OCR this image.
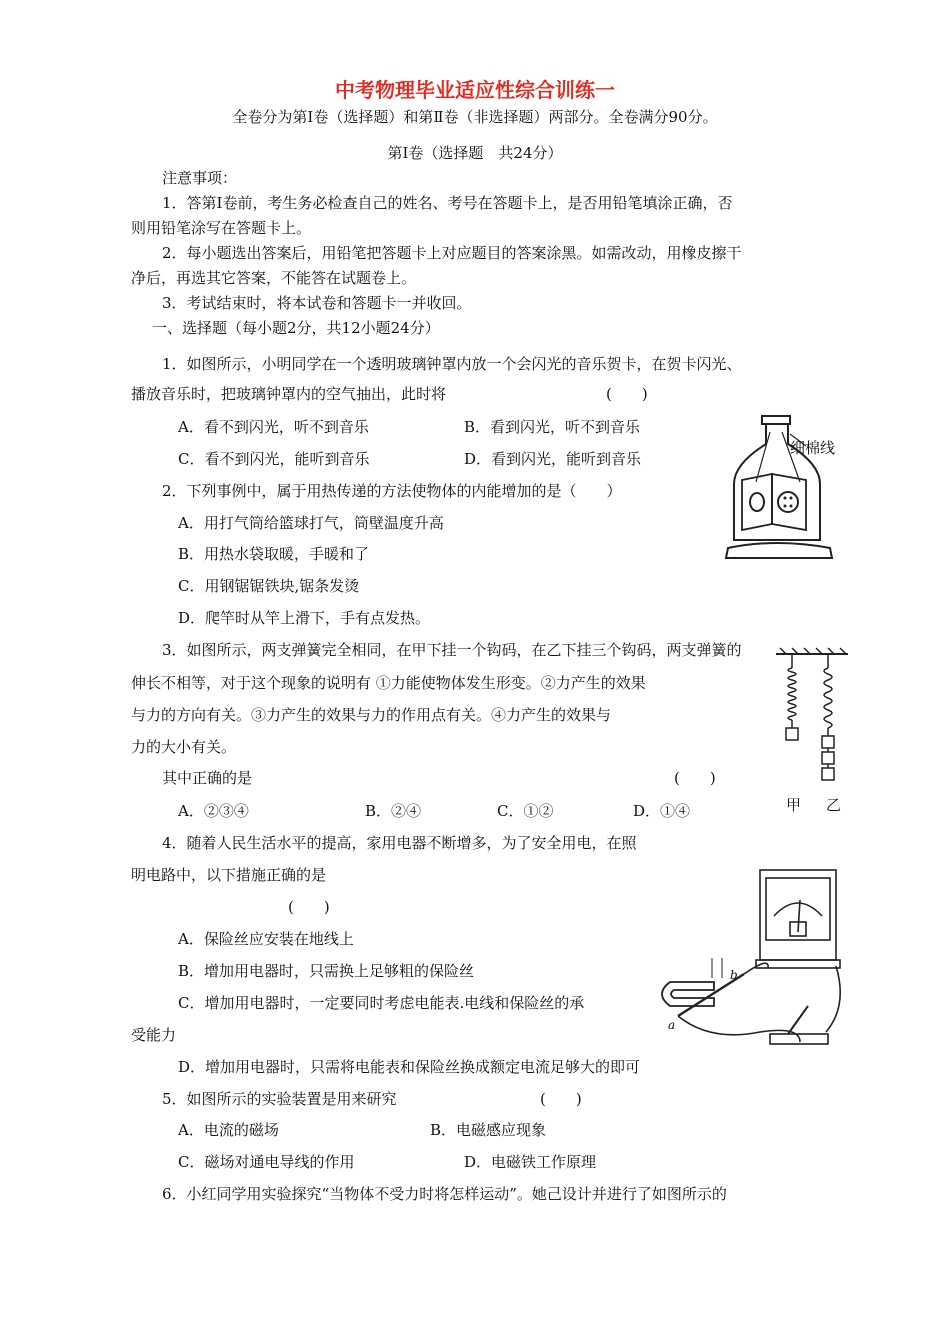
中考物理毕业适应性综合训练一
全卷分为第Ⅰ卷（选择题）和第Ⅱ卷（非选择题）两部分。全卷满分90分。
第Ⅰ卷（选择题　共24分）
注意事项：
1．答第Ⅰ卷前，考生务必检查自己的姓名、考号在答题卡上，是否用铅笔填涂正确，否
则用铅笔涂写在答题卡上。
2．每小题选出答案后，用铅笔把答题卡上对应题目的答案涂黑。如需改动，用橡皮擦干
净后，再选其它答案，不能答在试题卷上。
3．考试结束时，将本试卷和答题卡一并收回。
一、选择题（每小题2分，共12小题24分）
1．如图所示，小明同学在一个透明玻璃钟罩内放一个会闪光的音乐贺卡，在贺卡闪光、
播放音乐时，把玻璃钟罩内的空气抽出，此时将	(　　)
A．看不到闪光，听不到音乐	B．看到闪光，听不到音乐
C．看不到闪光，能听到音乐	D．看到闪光，能听到音乐
细棉线
2．下列事例中，属于用热传递的方法使物体的内能增加的是（　　）
A．用打气筒给篮球打气，筒壁温度升高
B．用热水袋取暖，手暖和了
C．用钢锯锯铁块,锯条发烫
D．爬竿时从竿上滑下，手有点发热。
3．如图所示，两支弹簧完全相同，在甲下挂一个钩码，在乙下挂三个钩码，两支弹簧的
伸长不相等，对于这个现象的说明有 ①力能使物体发生形变。②力产生的效果
与力的方向有关。③力产生的效果与力的作用点有关。④力产生的效果与
力的大小有关。
其中正确的是	(　　)
A．②③④	B．②④	C．①②	D．①④	甲 乙
4．随着人民生活水平的提高，家用电器不断增多，为了安全用电，在照
明电路中，以下措施正确的是
(　　)
A．保险丝应安装在地线上
B．增加用电器时，只需换上足够粗的保险丝
C．增加用电器时，一定要同时考虑电能表.电线和保险丝的承
受能力
D．增加用电器时，只需将电能表和保险丝换成额定电流足够大的即可
b
a
5．如图所示的实验装置是用来研究	(　　)
A．电流的磁场	B．电磁感应现象
C．磁场对通电导线的作用	D．电磁铁工作原理
6．小红同学用实验探究“当物体不受力时将怎样运动”。她己设计并进行了如图所示的
